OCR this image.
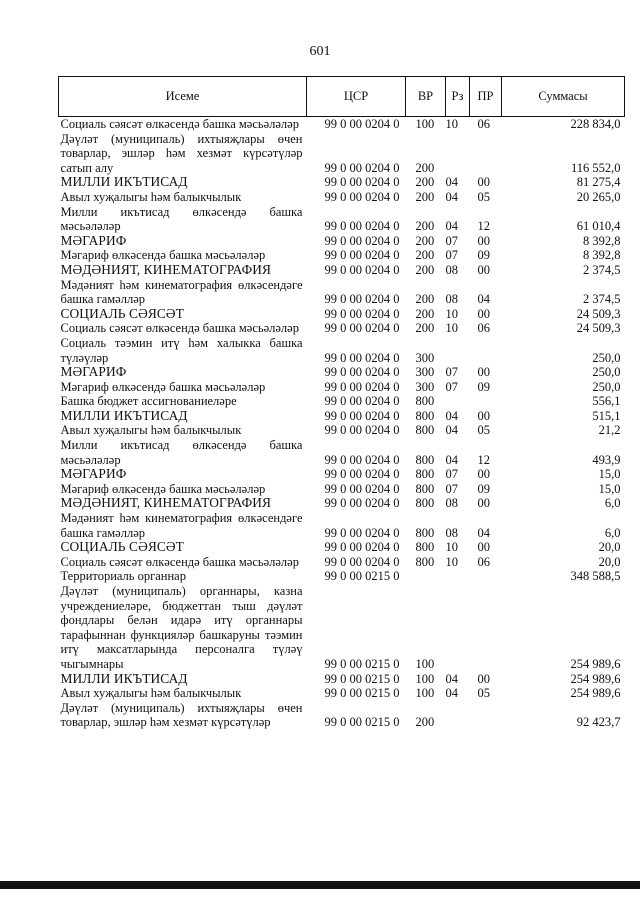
601
Исеме	ЦСР	ВР	Рз	ПР	Суммасы
Социаль сәясәт өлкәсендә башка мәсьәләләр	99 0 00 0204 0	100	10	06	228 834,0
Дәүләт (муниципаль) ихтыяҗлары өчен товарлар, эшләр һәм хезмәт күрсәтүләр сатып алу	99 0 00 0204 0	200			116 552,0
МИЛЛИ ИКЪТИСАД	99 0 00 0204 0	200	04	00	81 275,4
Авыл хуҗалыгы һәм балыкчылык	99 0 00 0204 0	200	04	05	20 265,0
Милли икътисад өлкәсендә башка мәсьәләләр	99 0 00 0204 0	200	04	12	61 010,4
МӘГАРИФ	99 0 00 0204 0	200	07	00	8 392,8
Мәгариф өлкәсендә башка мәсьәләләр	99 0 00 0204 0	200	07	09	8 392,8
МӘДӘНИЯТ, КИНЕМАТОГРАФИЯ	99 0 00 0204 0	200	08	00	2 374,5
Мәдәният һәм кинематография өлкәсендәге башка гамәлләр	99 0 00 0204 0	200	08	04	2 374,5
СОЦИАЛЬ СӘЯСӘТ	99 0 00 0204 0	200	10	00	24 509,3
Социаль сәясәт өлкәсендә башка мәсьәләләр	99 0 00 0204 0	200	10	06	24 509,3
Социаль тәэмин итү һәм халыкка башка түләүләр	99 0 00 0204 0	300			250,0
МӘГАРИФ	99 0 00 0204 0	300	07	00	250,0
Мәгариф өлкәсендә башка мәсьәләләр	99 0 00 0204 0	300	07	09	250,0
Башка бюджет ассигнованиеләре	99 0 00 0204 0	800			556,1
МИЛЛИ ИКЪТИСАД	99 0 00 0204 0	800	04	00	515,1
Авыл хуҗалыгы һәм балыкчылык	99 0 00 0204 0	800	04	05	21,2
Милли икътисад өлкәсендә башка мәсьәләләр	99 0 00 0204 0	800	04	12	493,9
МӘГАРИФ	99 0 00 0204 0	800	07	00	15,0
Мәгариф өлкәсендә башка мәсьәләләр	99 0 00 0204 0	800	07	09	15,0
МӘДӘНИЯТ, КИНЕМАТОГРАФИЯ	99 0 00 0204 0	800	08	00	6,0
Мәдәният һәм кинематография өлкәсендәге башка гамәлләр	99 0 00 0204 0	800	08	04	6,0
СОЦИАЛЬ СӘЯСӘТ	99 0 00 0204 0	800	10	00	20,0
Социаль сәясәт өлкәсендә башка мәсьәләләр	99 0 00 0204 0	800	10	06	20,0
Территориаль органнар	99 0 00 0215 0				348 588,5
Дәүләт (муниципаль) органнары, казна учреждениеләре, бюджеттан тыш дәүләт фондлары белән идарә итү органнары тарафыннан функцияләр башкаруны тәэмин итү максатларында персоналга түләү чыгымнары	99 0 00 0215 0	100			254 989,6
МИЛЛИ ИКЪТИСАД	99 0 00 0215 0	100	04	00	254 989,6
Авыл хуҗалыгы һәм балыкчылык	99 0 00 0215 0	100	04	05	254 989,6
Дәүләт (муниципаль) ихтыяҗлары өчен товарлар, эшләр һәм хезмәт күрсәтүләр	99 0 00 0215 0	200			92 423,7
